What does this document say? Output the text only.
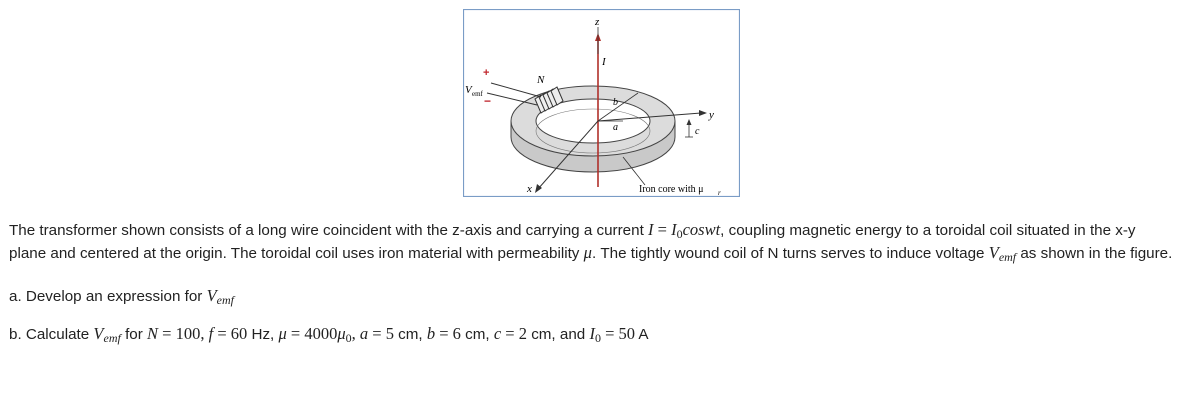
z
y
x
N
I
a
b
c
V emf
+
−
Iron core with μ r
The transformer shown consists of a long wire coincident with the z-axis and carrying a current I = I0coswt, coupling magnetic energy to a toroidal coil situated in the x-y
plane and centered at the origin. The toroidal coil uses iron material with permeability μ. The tightly wound coil of N turns serves to induce voltage Vemf as shown in the figure.
a. Develop an expression for Vemf
b. Calculate Vemf for N = 100, f = 60 Hz, μ = 4000μ0, a = 5 cm, b = 6 cm, c = 2 cm, and I0 = 50 A
